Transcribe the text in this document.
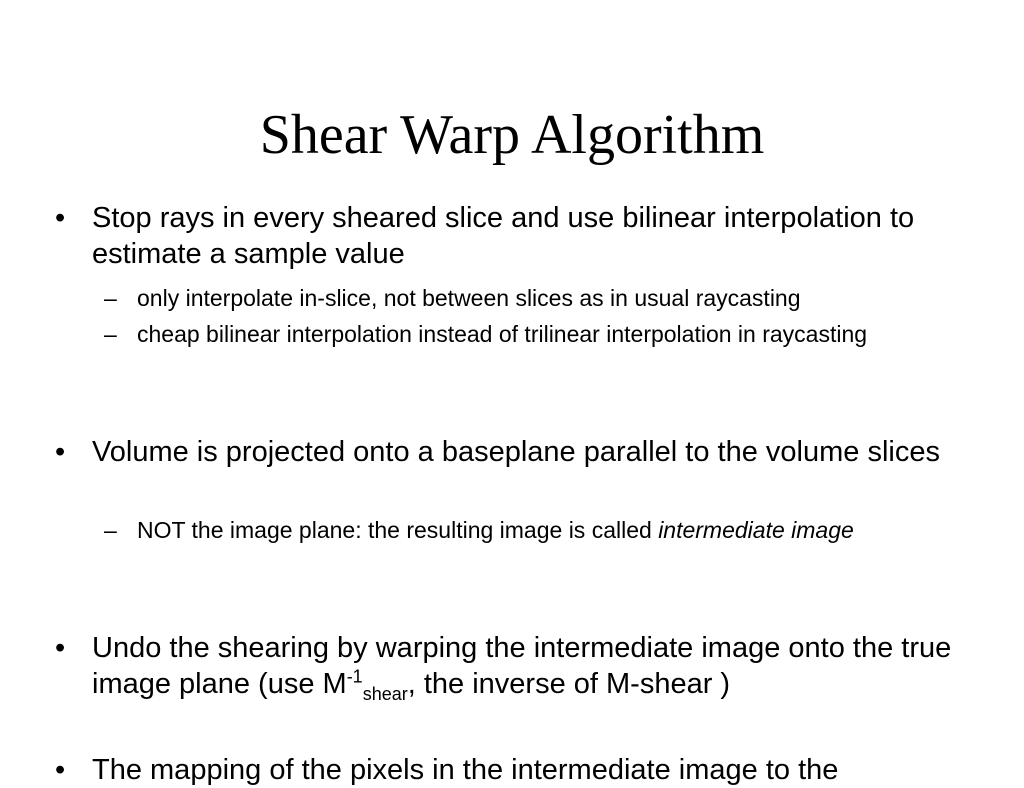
Shear Warp Algorithm
• Stop rays in every sheared slice and use bilinear interpolation to estimate a sample value
– only interpolate in-slice, not between slices as in usual raycasting
– cheap bilinear interpolation instead of trilinear interpolation in raycasting
• Volume is projected onto a baseplane parallel to the volume slices
– NOT the image plane: the resulting image is called intermediate image
• Undo the shearing by warping the intermediate image onto the true image plane (use $M^{-1}_{shear}$, the inverse of M-shear )
• The mapping of the pixels in the intermediate image to the
